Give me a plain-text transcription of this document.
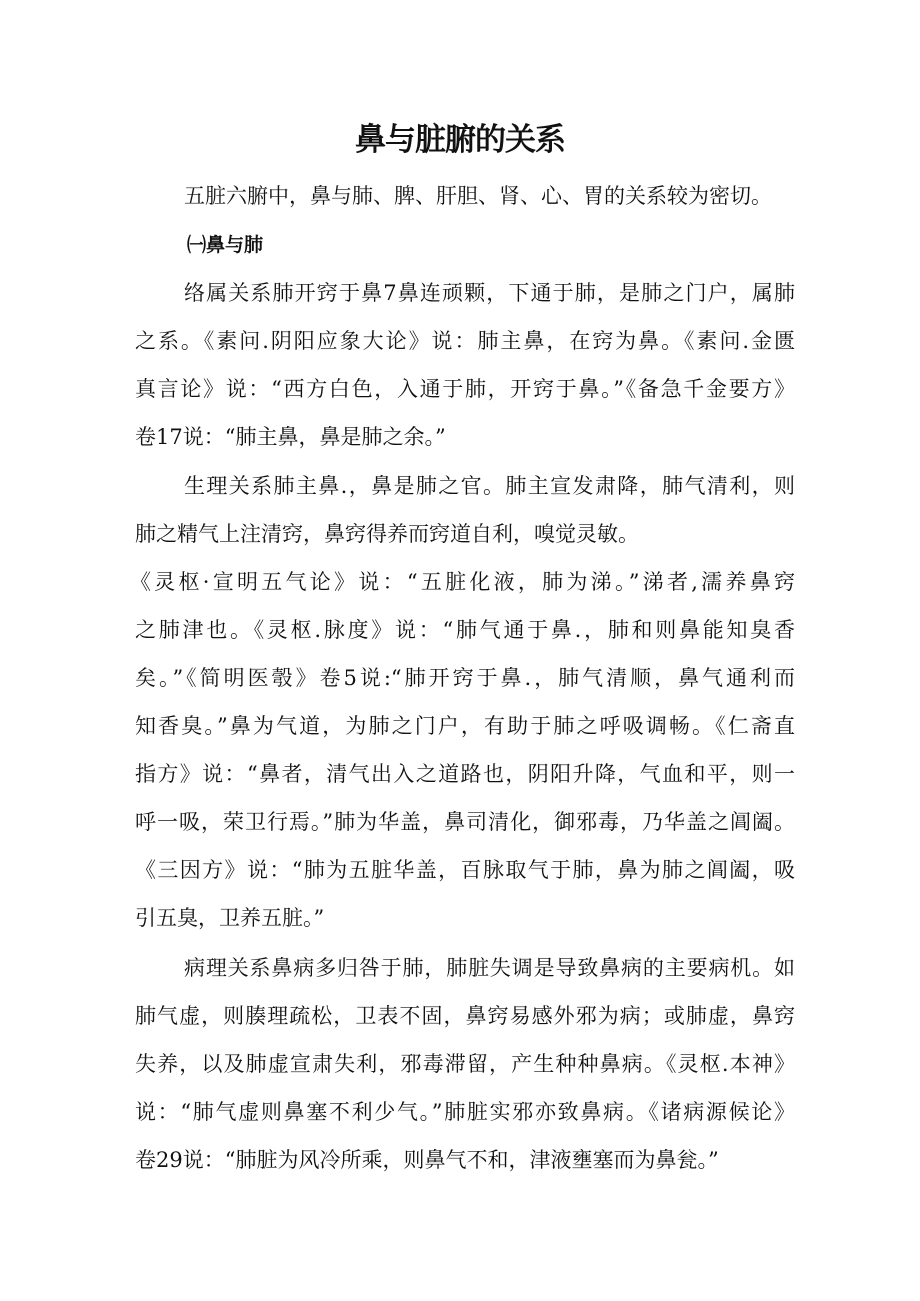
鼻与脏腑的关系

五脏六腑中，鼻与肺、脾、肝胆、肾、心、胃的关系较为密切。

㈠鼻与肺

络属关系肺开窍于鼻7鼻连顽颗，下通于肺，是肺之门户，属肺

之系。《素问.阴阳应象大论》说：肺主鼻，在窍为鼻。《素问.金匮

真言论》说：“西方白色，入通于肺，开窍于鼻。”《备急千金要方》

卷17说：“肺主鼻，鼻是肺之余。”

生理关系肺主鼻.，鼻是肺之官。肺主宣发肃降，肺气清利，则

肺之精气上注清窍，鼻窍得养而窍道自利，嗅觉灵敏。

《灵枢·宣明五气论》说：“五脏化液，肺为涕。”涕者,濡养鼻窍

之肺津也。《灵枢.脉度》说：“肺气通于鼻.，肺和则鼻能知臭香

矣。”《简明医彀》卷5说:“肺开窍于鼻.，肺气清顺，鼻气通利而

知香臭。”鼻为气道，为肺之门户，有助于肺之呼吸调畅。《仁斋直

指方》说：“鼻者，清气出入之道路也，阴阳升降，气血和平，则一

呼一吸，荣卫行焉。”肺为华盖，鼻司清化，御邪毒，乃华盖之阊阖。

《三因方》说：“肺为五脏华盖，百脉取气于肺，鼻为肺之阊阖，吸

引五臭，卫养五脏。”

病理关系鼻病多归咎于肺，肺脏失调是导致鼻病的主要病机。如

肺气虚，则腠理疏松，卫表不固，鼻窍易感外邪为病；或肺虚，鼻窍

失养，以及肺虚宣肃失利，邪毒滞留，产生种种鼻病。《灵枢.本神》

说：“肺气虚则鼻塞不利少气。”肺脏实邪亦致鼻病。《诸病源候论》

卷29说：“肺脏为风冷所乘，则鼻气不和，津液壅塞而为鼻瓮。”
